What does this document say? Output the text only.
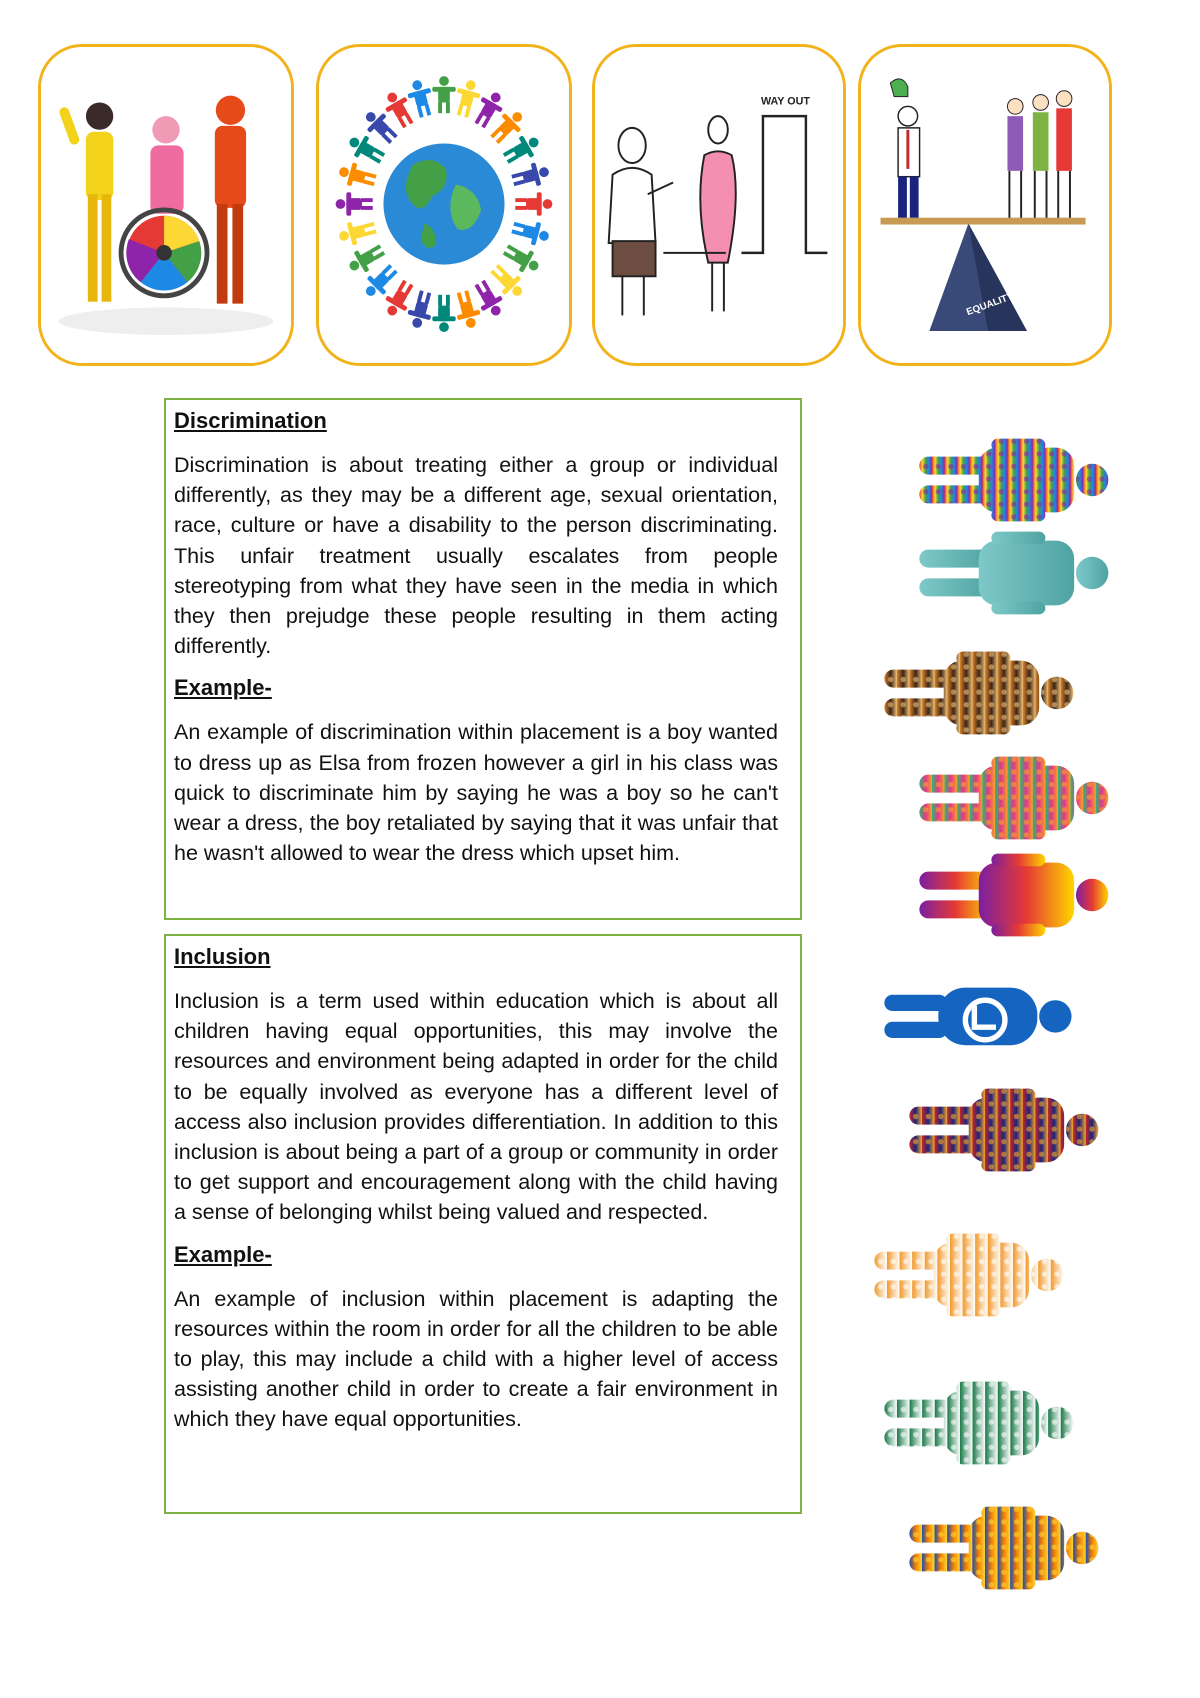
WAY OUT
EQUALITY
Discrimination

Discrimination is about treating either a group or individual differently, as they may be a different age, sexual orientation, race, culture or have a disability to the person discriminating. This unfair treatment usually escalates from people stereotyping from what they have seen in the media in which they then prejudge these people resulting in them acting differently.

Example-

An example of discrimination within placement is a boy wanted to dress up as Elsa from frozen however a girl in his class was quick to discriminate him by saying he was a boy so he can't wear a dress, the boy retaliated by saying that it was unfair that he wasn't allowed to wear the dress which upset him.

Inclusion

Inclusion is a term used within education which is about all children having equal opportunities, this may involve the resources and environment being adapted in order for the child to be equally involved as everyone has a different level of access also inclusion provides differentiation. In addition to this inclusion is about being a part of a group or community in order to get support and encouragement along with the child having a sense of belonging whilst being valued and respected.

Example-

An example of inclusion within placement is adapting the resources within the room in order for all the children to be able to play, this may include a child with a higher level of access assisting another child in order to create a fair environment in which they have equal opportunities.
